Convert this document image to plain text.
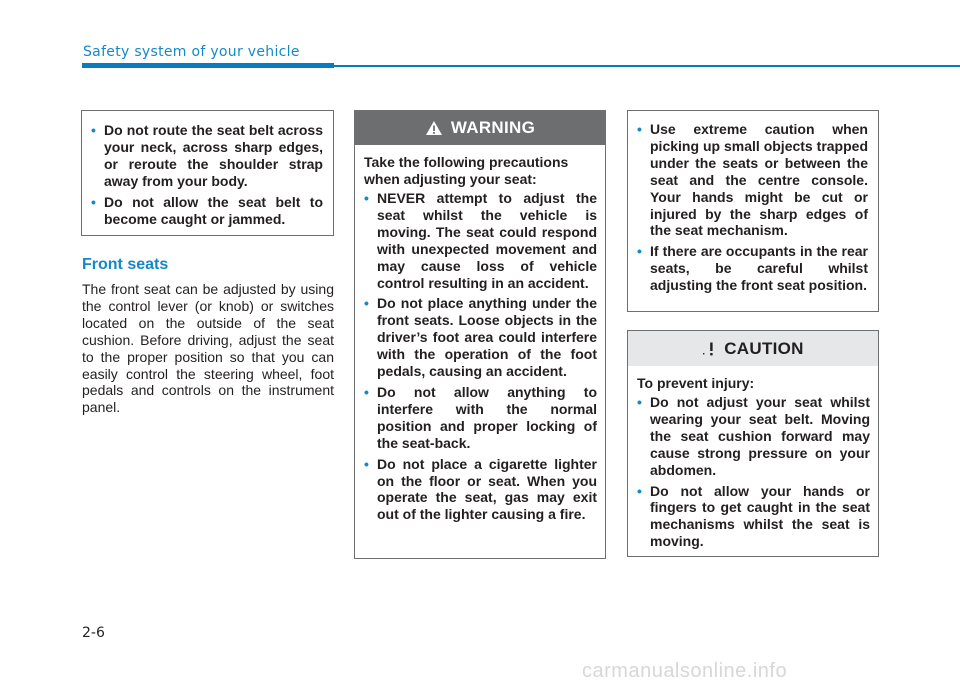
Safety system of your vehicle
• Do not route the seat belt across your neck, across sharp edges, or reroute the shoulder strap away from your body.
• Do not allow the seat belt to become caught or jammed.
Front seats
The front seat can be adjusted by using the control lever (or knob) or switches located on the outside of the seat cushion. Before driving, adjust the seat to the proper position so that you can easily control the steering wheel, foot pedals and controls on the instrument panel.
WARNING
Take the following precautions when adjusting your seat:
• NEVER attempt to adjust the seat whilst the vehicle is moving. The seat could respond with unexpected movement and may cause loss of vehicle control resulting in an accident.
• Do not place anything under the front seats. Loose objects in the driver’s foot area could interfere with the operation of the foot pedals, causing an accident.
• Do not allow anything to interfere with the normal position and proper locking of the seat-back.
• Do not place a cigarette lighter on the floor or seat. When you operate the seat, gas may exit out of the lighter causing a fire.
• Use extreme caution when picking up small objects trapped under the seats or between the seat and the centre console. Your hands might be cut or injured by the sharp edges of the seat mechanism.
• If there are occupants in the rear seats, be careful whilst adjusting the front seat position.
CAUTION
To prevent injury:
• Do not adjust your seat whilst wearing your seat belt. Moving the seat cushion forward may cause strong pressure on your abdomen.
• Do not allow your hands or fingers to get caught in the seat mechanisms whilst the seat is moving.
2-6
carmanualsonline.info
